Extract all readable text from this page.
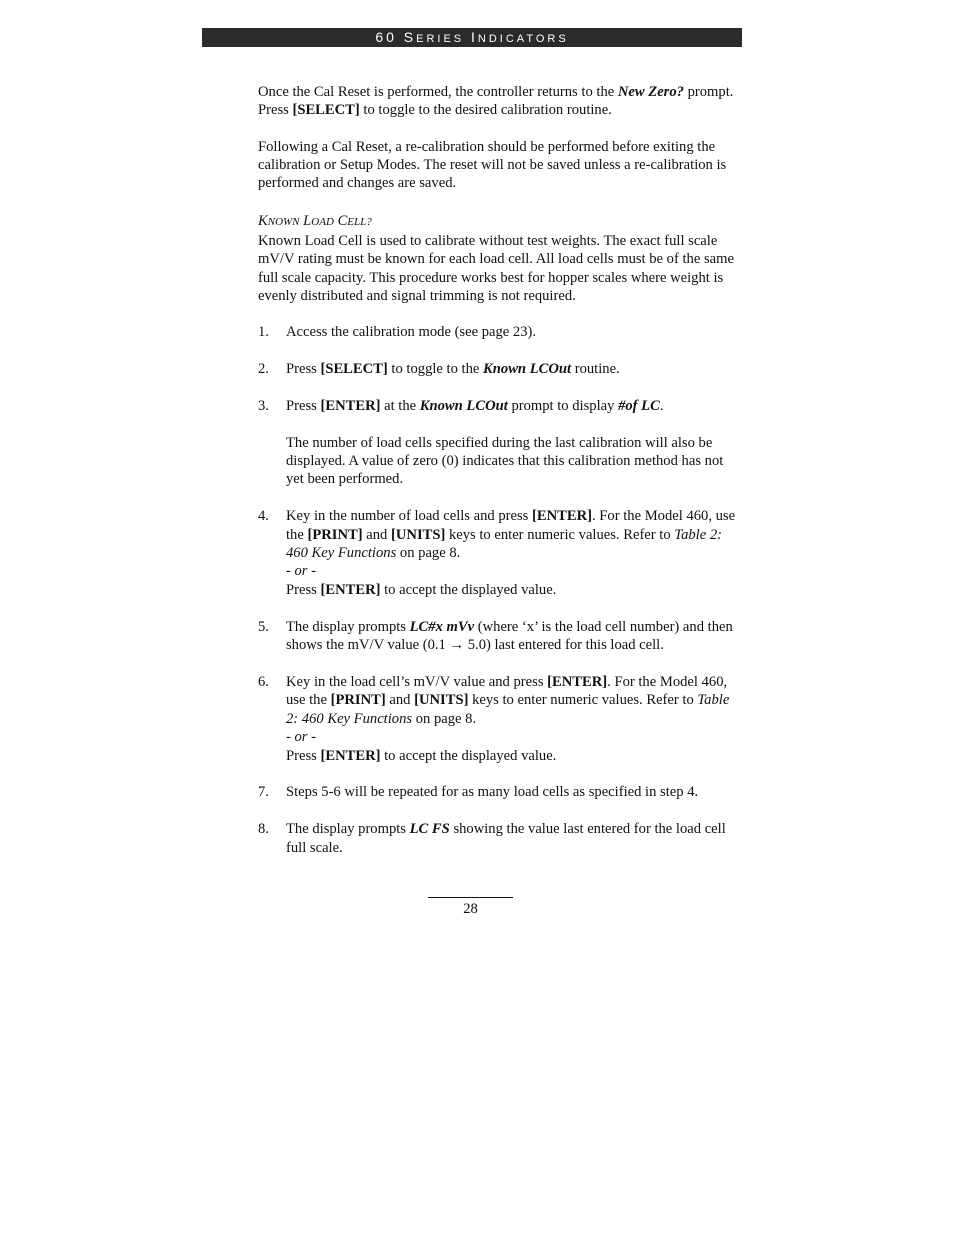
60 SERIES INDICATORS

Once the Cal Reset is performed, the controller returns to the New Zero? prompt. Press [SELECT] to toggle to the desired calibration routine.

Following a Cal Reset, a re-calibration should be performed before exiting the calibration or Setup Modes. The reset will not be saved unless a re-calibration is performed and changes are saved.

KNOWN LOAD CELL?

Known Load Cell is used to calibrate without test weights. The exact full scale mV/V rating must be known for each load cell. All load cells must be of the same full scale capacity. This procedure works best for hopper scales where weight is evenly distributed and signal trimming is not required.

1. Access the calibration mode (see page 23).

2. Press [SELECT] to toggle to the Known LCOut routine.

3. Press [ENTER] at the Known LCOut prompt to display #of LC.

The number of load cells specified during the last calibration will also be displayed. A value of zero (0) indicates that this calibration method has not yet been performed.

4. Key in the number of load cells and press [ENTER]. For the Model 460, use the [PRINT] and [UNITS] keys to enter numeric values. Refer to Table 2: 460 Key Functions on page 8.
- or -
Press [ENTER] to accept the displayed value.

5. The display prompts LC#x mVv (where ‘x’ is the load cell number) and then shows the mV/V value (0.1 → 5.0) last entered for this load cell.

6. Key in the load cell’s mV/V value and press [ENTER]. For the Model 460, use the [PRINT] and [UNITS] keys to enter numeric values. Refer to Table 2: 460 Key Functions on page 8.
- or -
Press [ENTER] to accept the displayed value.

7. Steps 5-6 will be repeated for as many load cells as specified in step 4.

8. The display prompts LC FS showing the value last entered for the load cell full scale.

28
